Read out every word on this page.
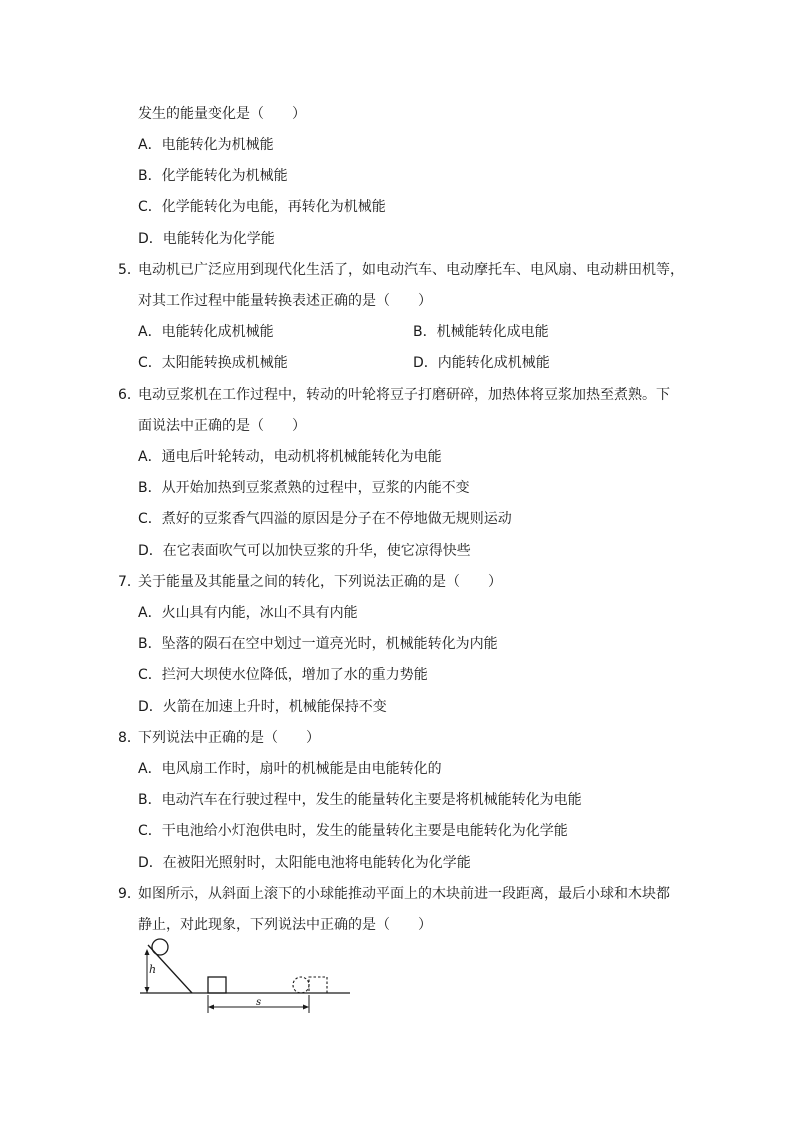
发生的能量变化是（　　）
A．电能转化为机械能
B．化学能转化为机械能
C．化学能转化为电能，再转化为机械能
D．电能转化为化学能
5．
电动机已广泛应用到现代化生活了，如电动汽车、电动摩托车、电风扇、电动耕田机等，
对其工作过程中能量转换表述正确的是（　　）
A．电能转化成机械能	B．机械能转化成电能
C．太阳能转换成机械能	D．内能转化成机械能
6．
电动豆浆机在工作过程中，转动的叶轮将豆子打磨研碎，加热体将豆浆加热至煮熟。下
面说法中正确的是（　　）
A．通电后叶轮转动，电动机将机械能转化为电能
B．从开始加热到豆浆煮熟的过程中，豆浆的内能不变
C．煮好的豆浆香气四溢的原因是分子在不停地做无规则运动
D．在它表面吹气可以加快豆浆的升华，使它凉得快些
7．
关于能量及其能量之间的转化，下列说法正确的是（　　）
A．火山具有内能，冰山不具有内能
B．坠落的陨石在空中划过一道亮光时，机械能转化为内能
C．拦河大坝使水位降低，增加了水的重力势能
D．火箭在加速上升时，机械能保持不变
8．
下列说法中正确的是（　　）
A．电风扇工作时，扇叶的机械能是由电能转化的
B．电动汽车在行驶过程中，发生的能量转化主要是将机械能转化为电能
C．干电池给小灯泡供电时，发生的能量转化主要是电能转化为化学能
D．在被阳光照射时，太阳能电池将电能转化为化学能
9．
如图所示，从斜面上滚下的小球能推动平面上的木块前进一段距离，最后小球和木块都
静止，对此现象，下列说法中正确的是（　　）
h
s
